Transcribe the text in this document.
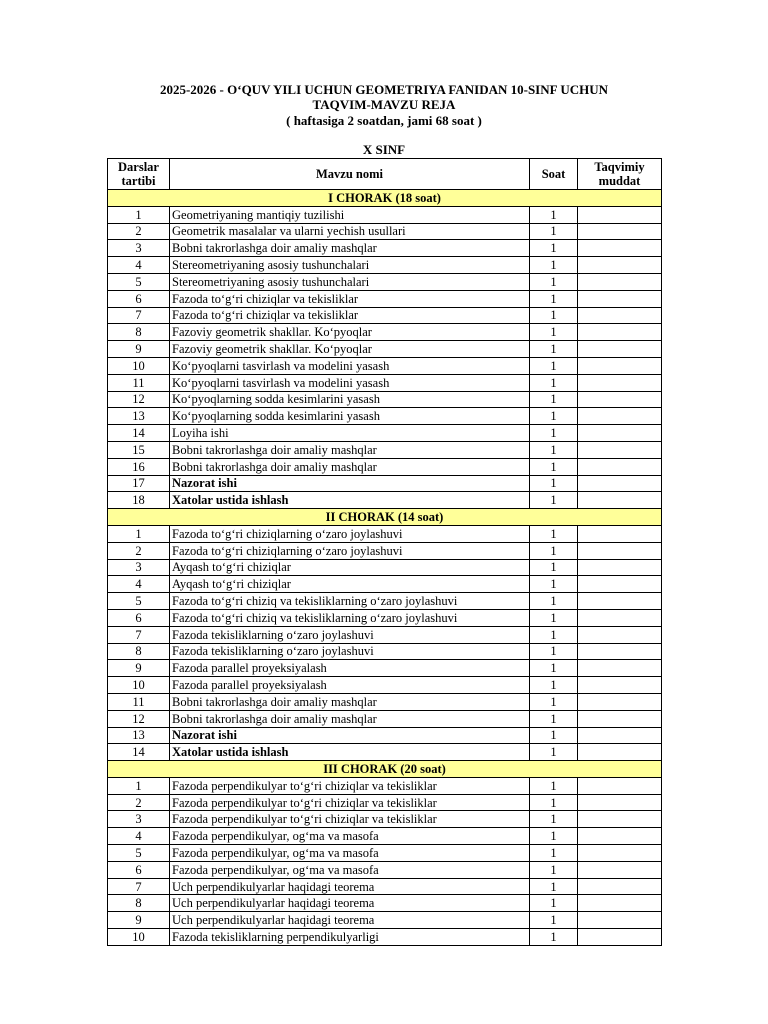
2025-2026 - O‘QUV YILI UCHUN GEOMETRIYA FANIDAN 10-SINF UCHUN
TAQVIM-MAVZU REJA
( haftasiga 2 soatdan, jami 68 soat )
X SINF
Darslar tartibi	Mavzu nomi	Soat	Taqvimiy muddat
I CHORAK (18 soat)			
1	Geometriyaning mantiqiy tuzilishi	1	
2	Geometrik masalalar va ularni yechish usullari	1	
3	Bobni takrorlashga doir amaliy mashqlar	1	
4	Stereometriyaning asosiy tushunchalari	1	
5	Stereometriyaning asosiy tushunchalari	1	
6	Fazoda to‘g‘ri chiziqlar va tekisliklar	1	
7	Fazoda to‘g‘ri chiziqlar va tekisliklar	1	
8	Fazoviy geometrik shakllar. Ko‘pyoqlar	1	
9	Fazoviy geometrik shakllar. Ko‘pyoqlar	1	
10	Ko‘pyoqlarni tasvirlash va modelini yasash	1	
11	Ko‘pyoqlarni tasvirlash va modelini yasash	1	
12	Ko‘pyoqlarning sodda kesimlarini yasash	1	
13	Ko‘pyoqlarning sodda kesimlarini yasash	1	
14	Loyiha ishi	1	
15	Bobni takrorlashga doir amaliy mashqlar	1	
16	Bobni takrorlashga doir amaliy mashqlar	1	
17	Nazorat ishi	1	
18	Xatolar ustida ishlash	1	
II CHORAK (14 soat)			
1	Fazoda to‘g‘ri chiziqlarning o‘zaro joylashuvi	1	
2	Fazoda to‘g‘ri chiziqlarning o‘zaro joylashuvi	1	
3	Ayqash to‘g‘ri chiziqlar	1	
4	Ayqash to‘g‘ri chiziqlar	1	
5	Fazoda to‘g‘ri chiziq va tekisliklarning o‘zaro joylashuvi	1	
6	Fazoda to‘g‘ri chiziq va tekisliklarning o‘zaro joylashuvi	1	
7	Fazoda tekisliklarning o‘zaro joylashuvi	1	
8	Fazoda tekisliklarning o‘zaro joylashuvi	1	
9	Fazoda parallel proyeksiyalash	1	
10	Fazoda parallel proyeksiyalash	1	
11	Bobni takrorlashga doir amaliy mashqlar	1	
12	Bobni takrorlashga doir amaliy mashqlar	1	
13	Nazorat ishi	1	
14	Xatolar ustida ishlash	1	
III CHORAK (20 soat)			
1	Fazoda perpendikulyar to‘g‘ri chiziqlar va tekisliklar	1	
2	Fazoda perpendikulyar to‘g‘ri chiziqlar va tekisliklar	1	
3	Fazoda perpendikulyar to‘g‘ri chiziqlar va tekisliklar	1	
4	Fazoda perpendikulyar, og‘ma va masofa	1	
5	Fazoda perpendikulyar, og‘ma va masofa	1	
6	Fazoda perpendikulyar, og‘ma va masofa	1	
7	Uch perpendikulyarlar haqidagi teorema	1	
8	Uch perpendikulyarlar haqidagi teorema	1	
9	Uch perpendikulyarlar haqidagi teorema	1	
10	Fazoda tekisliklarning perpendikulyarligi	1	
